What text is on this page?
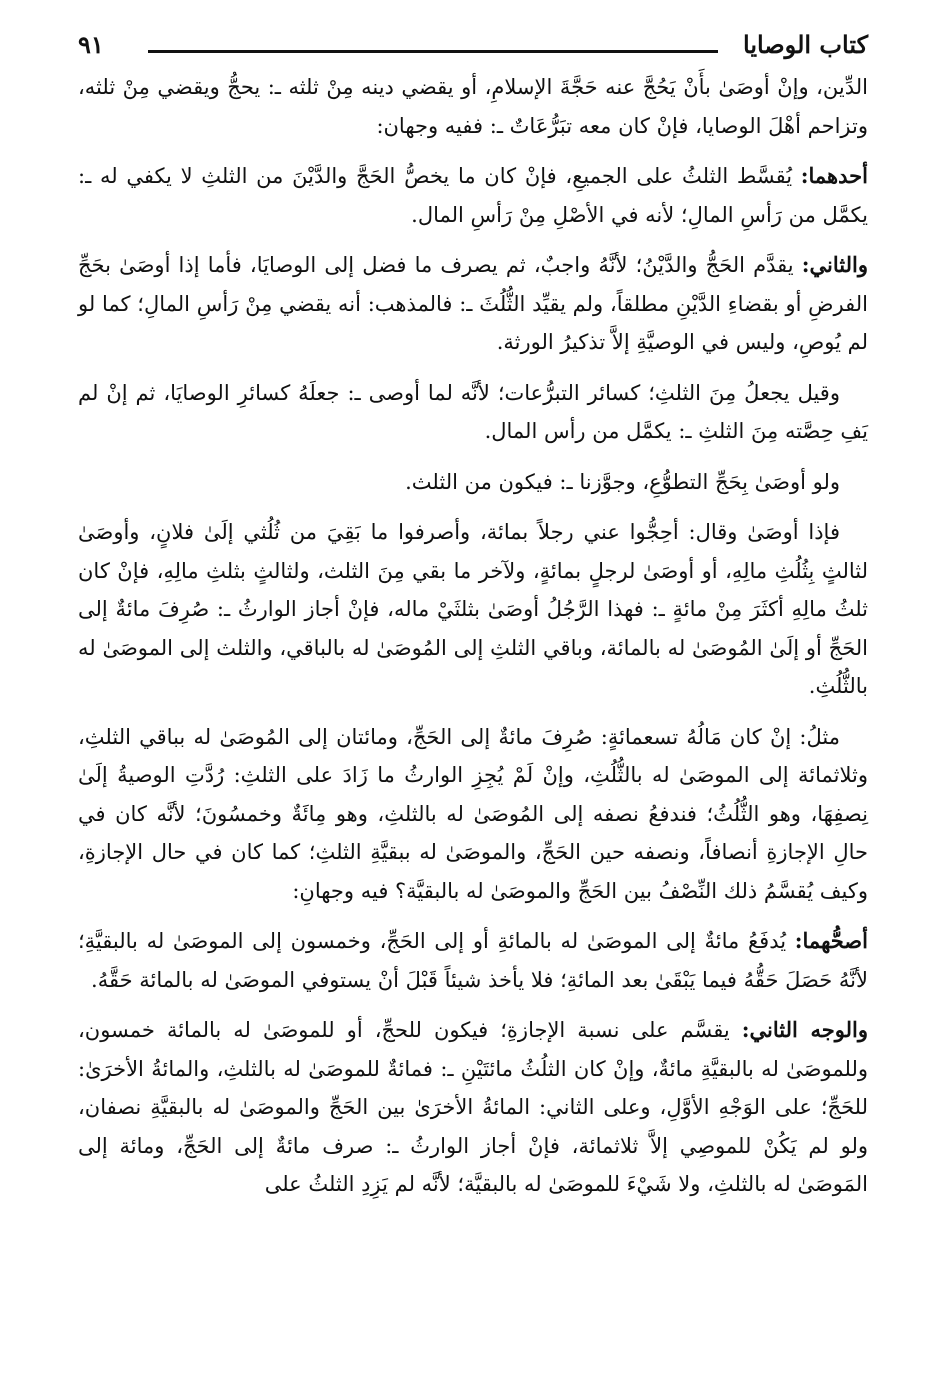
كتاب الوصايا
٩١

الدِّين، وإنْ أوصَىٰ بأَنْ يَحُجَّ عنه حَجَّةَ الإسلامِ، أو يقضي دينه مِنْ ثلثه ـ: يحجُّ ويقضي مِنْ ثلثه، وتزاحم أهْلَ الوصايا، فإنْ كان معه تبَرُّعَاتٌ ـ: ففيه وجهان:

أحدهما: يُقسَّط الثلثُ على الجميعِ، فإنْ كان ما يخصُّ الحَجَّ والدَّيْنَ من الثلثِ لا يكفي له ـ: يكمَّل من رَأسِ المالِ؛ لأنه في الأصْلِ مِنْ رَأسِ المال.

والثاني: يقدَّم الحَجُّ والدَّيْنُ؛ لأنَّهُ واجبٌ، ثم يصرف ما فضل إلى الوصايَا، فأما إذا أوصَىٰ بحَجِّ الفرضِ أو بقضاءِ الدَّيْنِ مطلقاً، ولم يقيِّد الثُّلُثَ ـ: فالمذهب: أنه يقضي مِنْ رَأسِ المالِ؛ كما لو لم يُوصِ، وليس في الوصيَّةِ إلاَّ تذكيرُ الورثة.

وقيل يجعلُ مِنَ الثلثِ؛ كسائر التبرُّعات؛ لأنَّه لما أوصى ـ: جعلَهُ كسائرِ الوصايَا، ثم إنْ لم يَفِ حِصَّته مِنَ الثلثِ ـ: يكمَّل من رأس المال.

ولو أوصَىٰ بِحَجِّ التطوُّعِ، وجوَّزنا ـ: فيكون من الثلث.

فإذا أوصَىٰ وقال: أحِجُّوا عني رجلاً بمائة، وأصرفوا ما بَقِيَ من ثُلُثي إلَىٰ فلانٍ، وأوصَىٰ لثالثٍ بِثُلُثِ مالِهِ، أو أوصَىٰ لرجلٍ بمائةٍ، ولآخر ما بقي مِنَ الثلث، ولثالثٍ بثلثِ مالِهِ، فإنْ كان ثلثُ مالِهِ أكثَرَ مِنْ مائةٍ ـ: فهذا الرَّجُلُ أوصَىٰ بثلثَيْ ماله، فإنْ أجاز الوارثُ ـ: صُرِفَ مائةٌ إلى الحَجِّ أو إلَىٰ المُوصَىٰ له بالمائة، وباقي الثلثِ إلى المُوصَىٰ له بالباقي، والثلث إلى الموصَىٰ له بالثُّلُثِ.

مثلُ: إنْ كان مَالُهُ تسعمائةٍ: صُرِفَ مائةٌ إلى الحَجِّ، ومائتان إلى المُوصَىٰ له بباقي الثلثِ، وثلاثمائة إلى الموصَىٰ له بالثُّلُثِ، وإنْ لَمْ يُجِزِ الوارثُ ما زَادَ على الثلثِ: رُدَّتِ الوصيةُ إلَىٰ نِصفِهَا، وهو الثُّلُثُ؛ فندفعُ نصفه إلى المُوصَىٰ له بالثلثِ، وهو مِائَةٌ وخمسُونَ؛ لأنَّه كان في حالِ الإجازةِ أنصافاً، ونصفه حين الحَجِّ، والموصَىٰ له ببقيَّةِ الثلثِ؛ كما كان في حال الإجازةِ، وكيف يُقسَّمُ ذلك النِّصْفُ بين الحَجِّ والموصَىٰ له بالبقيَّة؟ فيه وجهانِ:

أصحُّهما: يُدفَعُ مائةٌ إلى الموصَىٰ له بالمائةِ أو إلى الحَجِّ، وخمسون إلى الموصَىٰ له بالبقيَّةِ؛ لأنَّهُ حَصَلَ حَقُّهُ فيما يَبْقَىٰ بعد المائةِ؛ فلا يأخذ شيئاً قَبْلَ أنْ يستوفي الموصَىٰ له بالمائة حَقَّهُ.

والوجه الثاني: يقسَّم على نسبة الإجازةِ؛ فيكون للحجِّ، أو للموصَىٰ له بالمائة خمسون، وللموصَىٰ له بالبقيَّةِ مائةٌ، وإنْ كان الثلُثُ مائتَيْنِ ـ: فمائةٌ للموصَىٰ له بالثلثِ، والمائةُ الأخرَىٰ: للحَجِّ؛ على الوَجْهِ الأوَّلِ، وعلى الثاني: المائةُ الأخرَىٰ بين الحَجِّ والموصَىٰ له بالبقيَّةِ نصفان، ولو لم يَكُنْ للموصِي إلاَّ ثلاثمائة، فإنْ أجاز الوارثُ ـ: صرف مائةٌ إلى الحَجِّ، ومائة إلى المَوصَىٰ له بالثلثِ، ولا شَيْءَ للموصَىٰ له بالبقيَّة؛ لأنَّه لم يَزِدِ الثلثُ على
